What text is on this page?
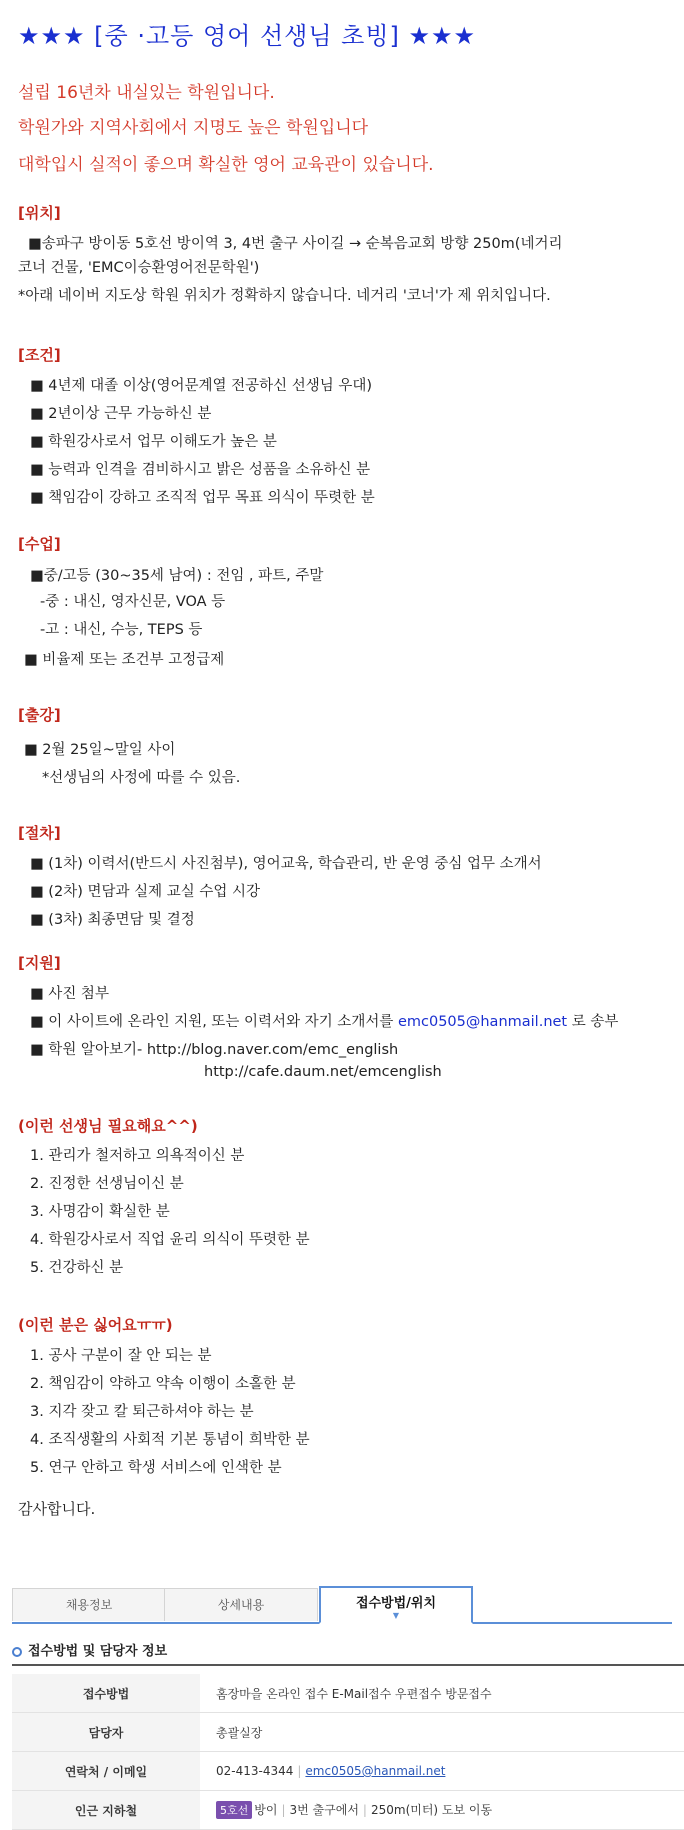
★★★ [중 ·고등 영어 선생님 초빙] ★★★
설립 16년차 내실있는 학원입니다.
학원가와 지역사회에서 지명도 높은 학원입니다
대학입시 실적이 좋으며 확실한 영어 교육관이 있습니다.
[위치]
■송파구 방이동 5호선 방이역 3, 4번 출구 사이길 → 순복음교회 방향 250m(네거리
코너 건물, 'EMC이승환영어전문학원')
*아래 네이버 지도상 학원 위치가 정확하지 않습니다. 네거리 '코너'가 제 위치입니다.
[조건]
■ 4년제 대졸 이상(영어문계열 전공하신 선생님 우대)
■ 2년이상 근무 가능하신 분
■ 학원강사로서 업무 이해도가 높은 분
■ 능력과 인격을 겸비하시고 밝은 성품을 소유하신 분
■ 책임감이 강하고 조직적 업무 목표 의식이 뚜렷한 분
[수업]
■중/고등 (30~35세 남여) : 전임 , 파트, 주말
-중 : 내신, 영자신문, VOA 등
-고 : 내신, 수능, TEPS 등
■ 비율제 또는 조건부 고정급제
[출강]
■ 2월 25일~말일 사이
*선생님의 사정에 따를 수 있음.
[절차]
■ (1차) 이력서(반드시 사진첨부), 영어교육, 학습관리, 반 운영 중심 업무 소개서
■ (2차) 면담과 실제 교실 수업 시강
■ (3차) 최종면담 및 결정
[지원]
■ 사진 첨부
■ 이 사이트에 온라인 지원, 또는 이력서와 자기 소개서를 emc0505@hanmail.net 로 송부
■ 학원 알아보기- http://blog.naver.com/emc_english
http://cafe.daum.net/emcenglish
(이런 선생님 필요해요^^)
1. 관리가 철저하고 의욕적이신 분
2. 진정한 선생님이신 분
3. 사명감이 확실한 분
4. 학원강사로서 직업 윤리 의식이 뚜렷한 분
5. 건강하신 분
(이런 분은 싫어요ㅠㅠ)
1. 공사 구분이 잘 안 되는 분
2. 책임감이 약하고 약속 이행이 소홀한 분
3. 지각 잦고 칼 퇴근하셔야 하는 분
4. 조직생활의 사회적 기본 통념이 희박한 분
5. 연구 안하고 학생 서비스에 인색한 분
감사합니다.
채용정보	상세내용	접수방법/위치
▼
접수방법 및 담당자 정보
접수방법	홈장마을 온라인 접수 E-Mail접수 우편접수 방문접수
담당자	총괄실장
연락처 / 이메일	02-413-4344 | emc0505@hanmail.net
인근 지하철	5호선 방이 | 3번 출구에서 | 250m(미터) 도보 이동
